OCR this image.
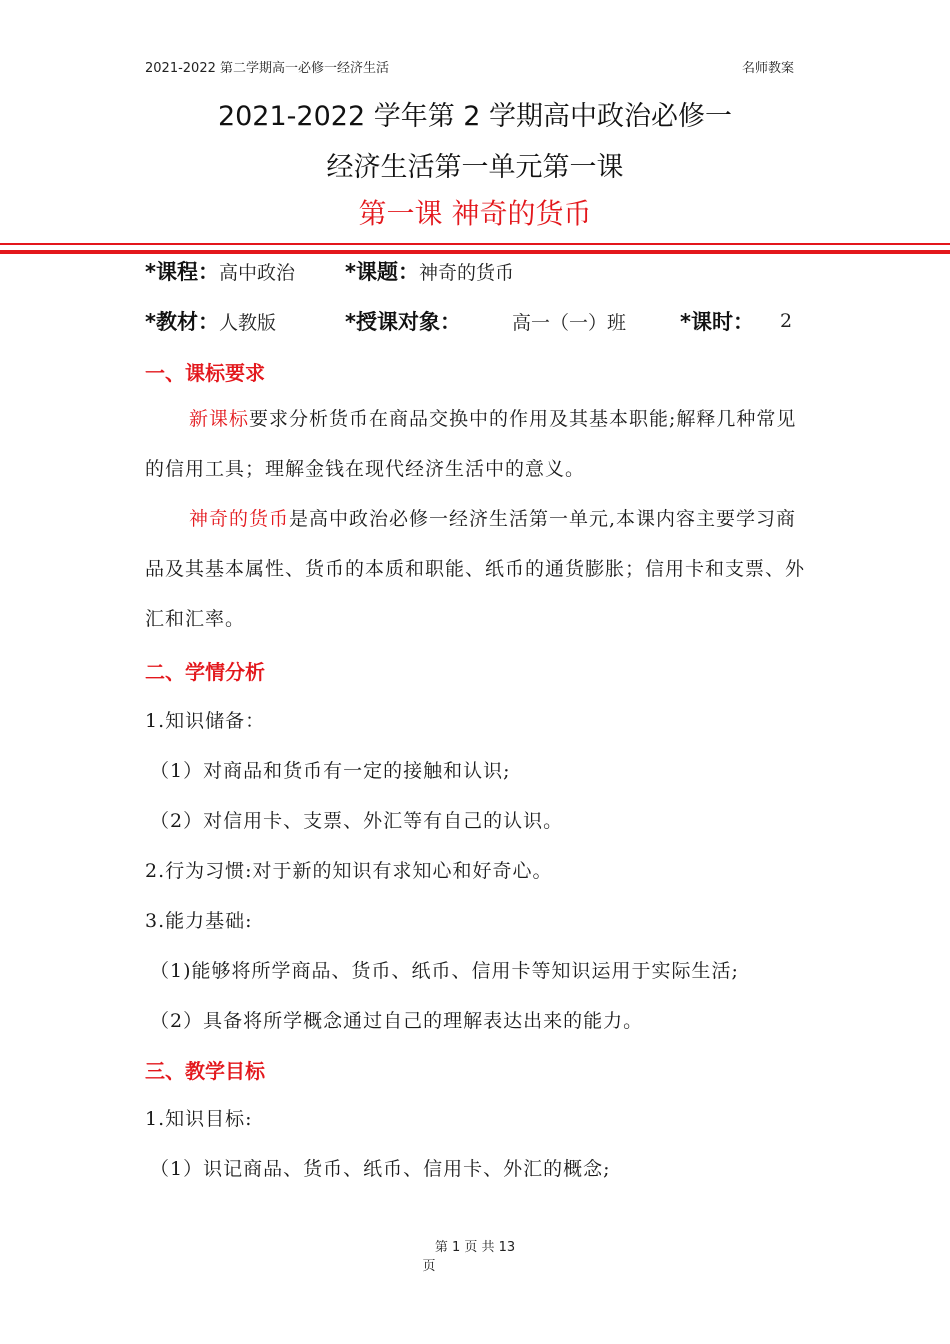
2021-2022 第二学期高一必修一经济生活	名师教案
2021-2022 学年第 2 学期高中政治必修一
经济生活第一单元第一课
第一课 神奇的货币
*课程：高中政治 *课题：神奇的货币
*教材：人教版	*授课对象：	高一（一）班	*课时： 2
一、课标要求
新课标要求分析货币在商品交换中的作用及其基本职能;解释几种常见的信用工具；理解金钱在现代经济生活中的意义。
神奇的货币是高中政治必修一经济生活第一单元,本课内容主要学习商品及其基本属性、货币的本质和职能、纸币的通货膨胀；信用卡和支票、外汇和汇率。
二、学情分析
1.知识储备：
（1）对商品和货币有一定的接触和认识;
（2）对信用卡、支票、外汇等有自己的认识。
2.行为习惯:对于新的知识有求知心和好奇心。
3.能力基础:
（1)能够将所学商品、货币、纸币、信用卡等知识运用于实际生活;
（2）具备将所学概念通过自己的理解表达出来的能力。
三、教学目标
1.知识目标:
（1）识记商品、货币、纸币、信用卡、外汇的概念;
第 1 页 共 13
页
